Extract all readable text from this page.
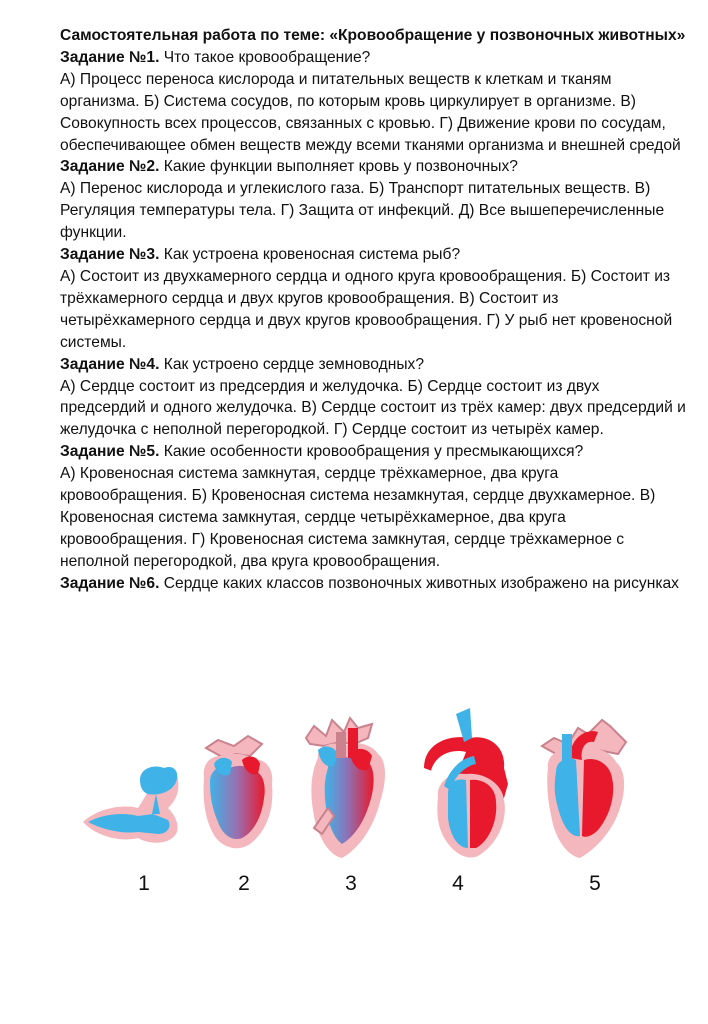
Самостоятельная работа по теме: «Кровообращение у позвоночных животных»

Задание №1. Что такое кровообращение?

А) Процесс переноса кислорода и питательных веществ к клеткам и тканям организма. Б) Система сосудов, по которым кровь циркулирует в организме. В) Совокупность всех процессов, связанных с кровью. Г) Движение крови по сосудам, обеспечивающее обмен веществ между всеми тканями организма и внешней средой

Задание №2. Какие функции выполняет кровь у позвоночных?

А) Перенос кислорода и углекислого газа. Б) Транспорт питательных веществ. В) Регуляция температуры тела. Г) Защита от инфекций. Д) Все вышеперечисленные функции.

Задание №3. Как устроена кровеносная система рыб?

А) Состоит из двухкамерного сердца и одного круга кровообращения. Б) Состоит из трёхкамерного сердца и двух кругов кровообращения. В) Состоит из четырёхкамерного сердца и двух кругов кровообращения. Г) У рыб нет кровеносной системы.

Задание №4. Как устроено сердце земноводных?

А) Сердце состоит из предсердия и желудочка. Б) Сердце состоит из двух предсердий и одного желудочка. В) Сердце состоит из трёх камер: двух предсердий и желудочка с неполной перегородкой. Г) Сердце состоит из четырёх камер.

Задание №5. Какие особенности кровообращения у пресмыкающихся?

А) Кровеносная система замкнутая, сердце трёхкамерное, два круга кровообращения. Б) Кровеносная система незамкнутая, сердце двухкамерное. В) Кровеносная система замкнутая, сердце четырёхкамерное, два круга кровообращения. Г) Кровеносная система замкнутая, сердце трёхкамерное с неполной перегородкой, два круга кровообращения.

Задание №6. Сердце каких классов позвоночных животных изображено на рисунках

1	2	3	4	5
